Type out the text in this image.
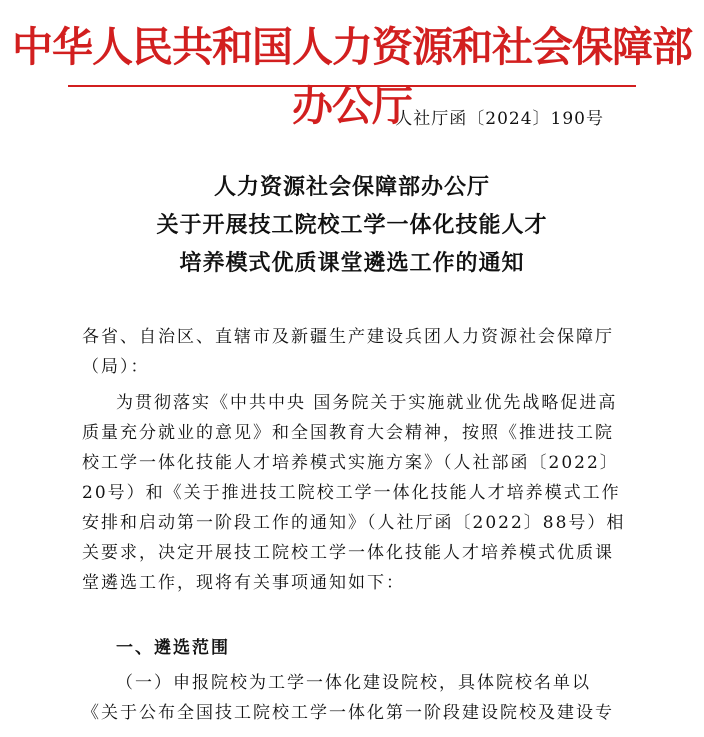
中华人民共和国人力资源和社会保障部办公厅
人社厅函〔2024〕190号
人力资源社会保障部办公厅
关于开展技工院校工学一体化技能人才
培养模式优质课堂遴选工作的通知

各省、自治区、直辖市及新疆生产建设兵团人力资源社会保障厅（局）：

为贯彻落实《中共中央 国务院关于实施就业优先战略促进高质量充分就业的意见》和全国教育大会精神，按照《推进技工院校工学一体化技能人才培养模式实施方案》（人社部函〔2022〕20号）和《关于推进技工院校工学一体化技能人才培养模式工作安排和启动第一阶段工作的通知》（人社厅函〔2022〕88号）相关要求，决定开展技工院校工学一体化技能人才培养模式优质课堂遴选工作，现将有关事项通知如下：

一、遴选范围

（一）申报院校为工学一体化建设院校，具体院校名单以《关于公布全国技工院校工学一体化第一阶段建设院校及建设专
